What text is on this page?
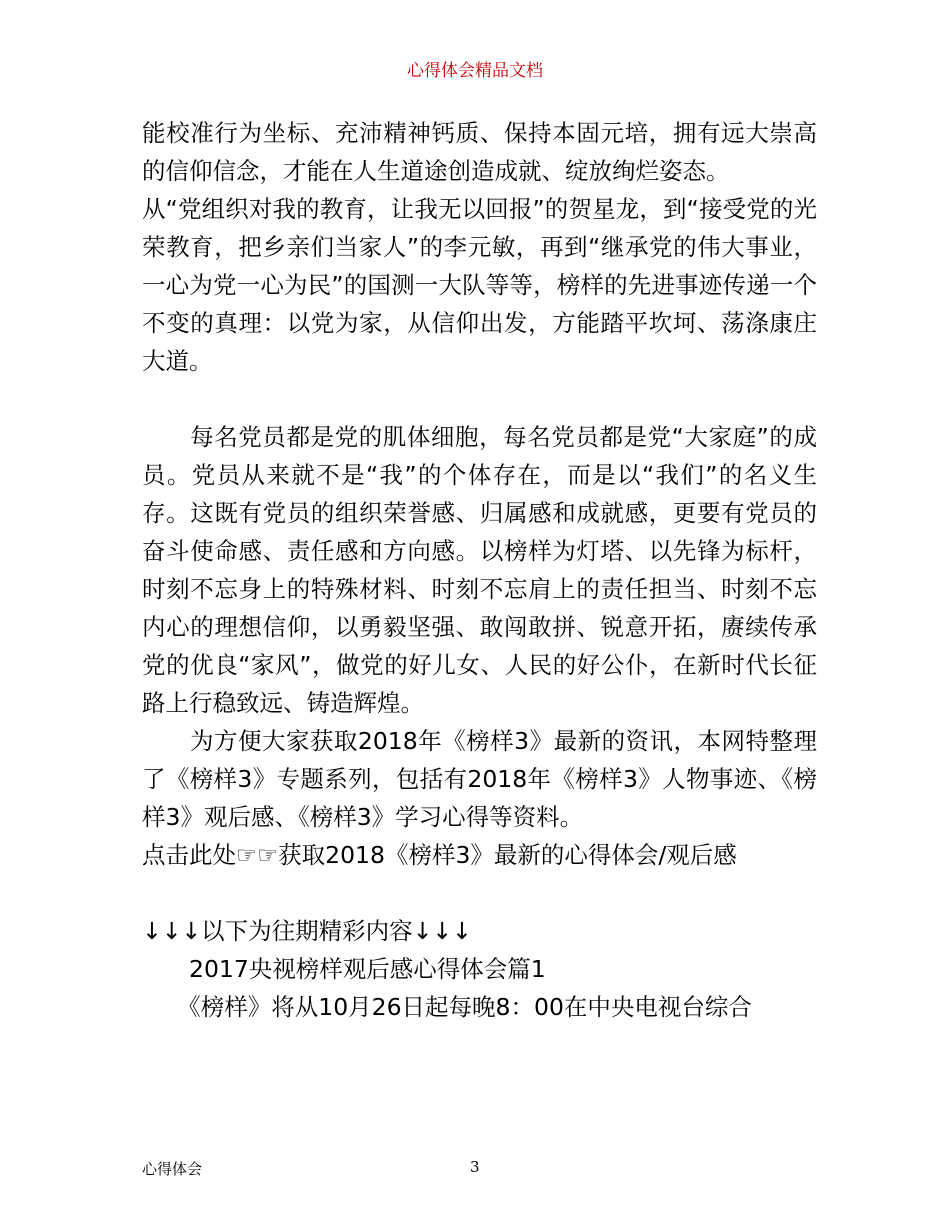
心得体会精品文档

能校准行为坐标、充沛精神钙质、保持本固元培，拥有远大崇高的信仰信念，才能在人生道途创造成就、绽放绚烂姿态。

从“党组织对我的教育，让我无以回报”的贺星龙，到“接受党的光荣教育，把乡亲们当家人”的李元敏，再到“继承党的伟大事业，一心为党一心为民”的国测一大队等等，榜样的先进事迹传递一个不变的真理：以党为家，从信仰出发，方能踏平坎坷、荡涤康庄大道。

　　每名党员都是党的肌体细胞，每名党员都是党“大家庭”的成员。党员从来就不是“我”的个体存在，而是以“我们”的名义生存。这既有党员的组织荣誉感、归属感和成就感，更要有党员的奋斗使命感、责任感和方向感。以榜样为灯塔、以先锋为标杆，时刻不忘身上的特殊材料、时刻不忘肩上的责任担当、时刻不忘内心的理想信仰，以勇毅坚强、敢闯敢拼、锐意开拓，赓续传承党的优良“家风”，做党的好儿女、人民的好公仆，在新时代长征路上行稳致远、铸造辉煌。

　　为方便大家获取2018年《榜样3》最新的资讯，本网特整理了《榜样3》专题系列，包括有2018年《榜样3》人物事迹、《榜样3》观后感、《榜样3》学习心得等资料。

点击此处☞☞获取2018《榜样3》最新的心得体会/观后感

↓↓↓以下为往期精彩内容↓↓↓

　　2017央视榜样观后感心得体会篇1

　　《榜样》将从10月26日起每晚8：00在中央电视台综合

心得体会	3
